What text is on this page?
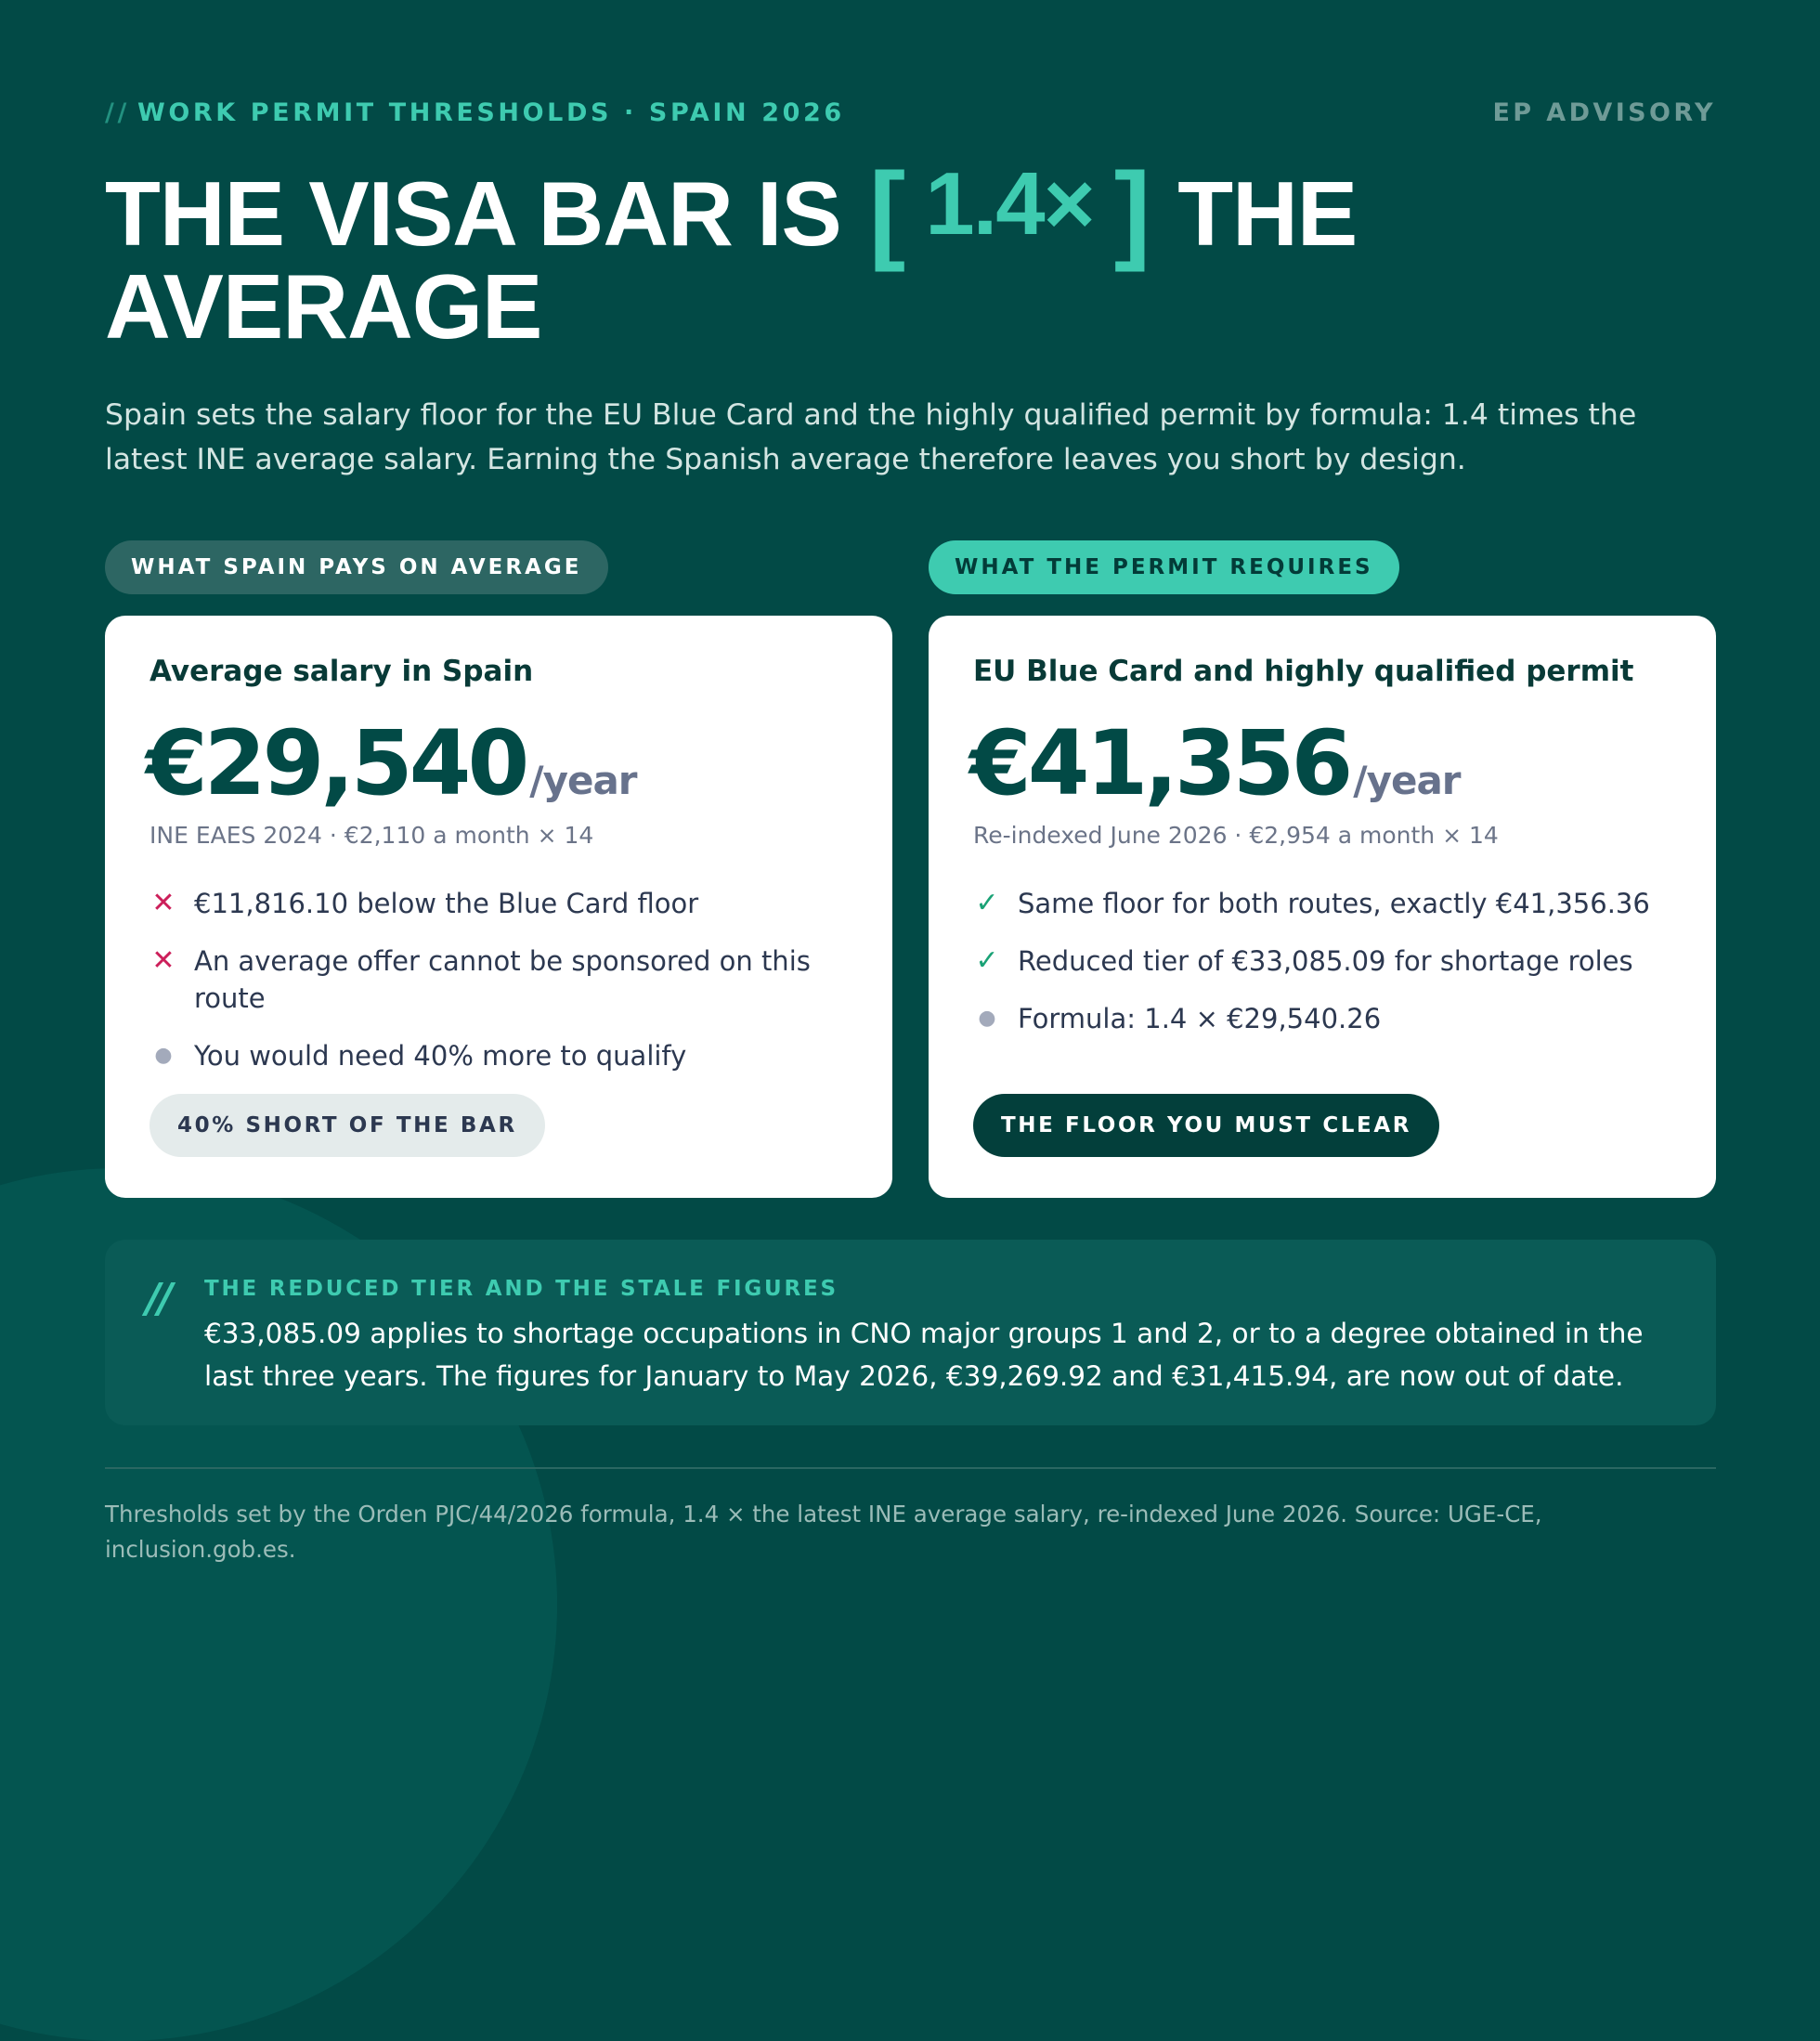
// WORK PERMIT THRESHOLDS · SPAIN 2026	EP ADVISORY
THE VISA BAR IS [ 1.4× ] THE
AVERAGE

Spain sets the salary floor for the EU Blue Card and the highly qualified permit by formula: 1.4 times the latest INE average salary. Earning the Spanish average therefore leaves you short by design.

WHAT SPAIN PAYS ON AVERAGE	WHAT THE PERMIT REQUIRES
Average salary in Spain
€29,540/year
INE EAES 2024 · €2,110 a month × 14
✕ €11,816.10 below the Blue Card floor
✕ An average offer cannot be sponsored on this route
● You would need 40% more to qualify
40% SHORT OF THE BAR
EU Blue Card and highly qualified permit
€41,356/year
Re-indexed June 2026 · €2,954 a month × 14
✓ Same floor for both routes, exactly €41,356.36
✓ Reduced tier of €33,085.09 for shortage roles
● Formula: 1.4 × €29,540.26
THE FLOOR YOU MUST CLEAR
// THE REDUCED TIER AND THE STALE FIGURES
€33,085.09 applies to shortage occupations in CNO major groups 1 and 2, or to a degree obtained in the last three years. The figures for January to May 2026, €39,269.92 and €31,415.94, are now out of date.
Thresholds set by the Orden PJC/44/2026 formula, 1.4 × the latest INE average salary, re-indexed June 2026. Source: UGE-CE, inclusion.gob.es.
